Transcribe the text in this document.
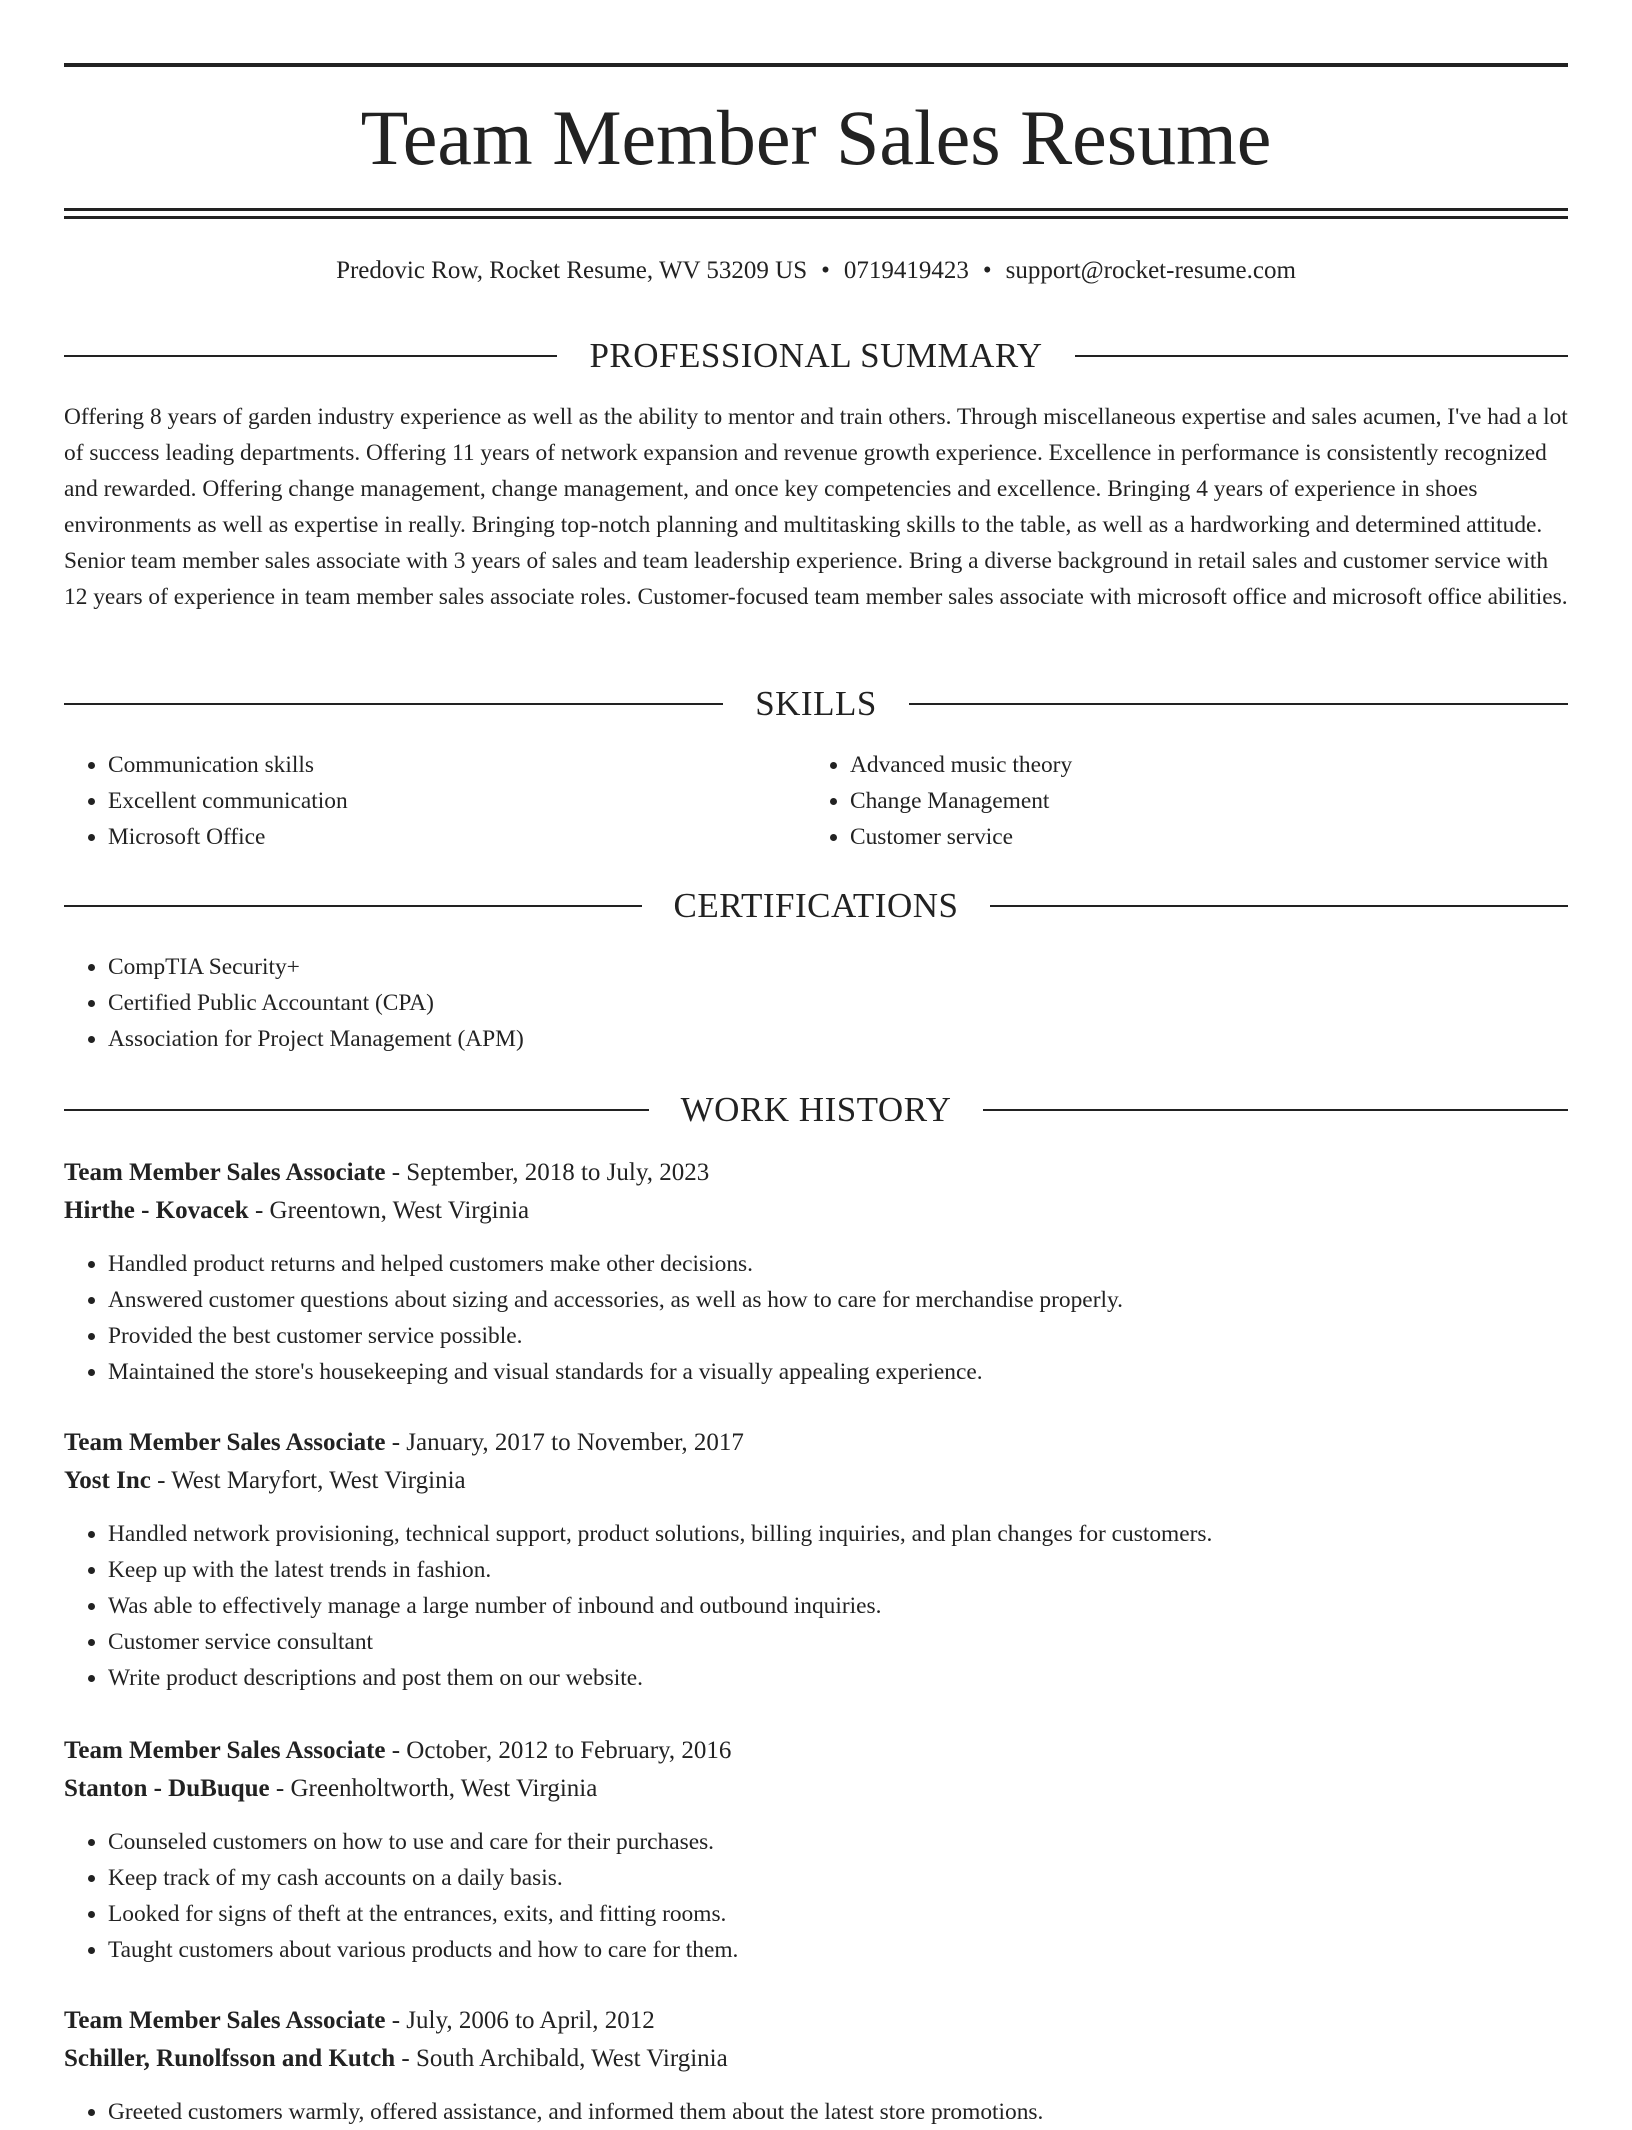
Team Member Sales Resume
Predovic Row, Rocket Resume, WV 53209 US • 0719419423 • support@rocket-resume.com
PROFESSIONAL SUMMARY

Offering 8 years of garden industry experience as well as the ability to mentor and train others. Through miscellaneous expertise and sales acumen, I've had a lot of success leading departments. Offering 11 years of network expansion and revenue growth experience. Excellence in performance is consistently recognized and rewarded. Offering change management, change management, and once key competencies and excellence. Bringing 4 years of experience in shoes environments as well as expertise in really. Bringing top-notch planning and multitasking skills to the table, as well as a hardworking and determined attitude. Senior team member sales associate with 3 years of sales and team leadership experience. Bring a diverse background in retail sales and customer service with 12 years of experience in team member sales associate roles. Customer-focused team member sales associate with microsoft office and microsoft office abilities.

SKILLS
• Communication skills
• Excellent communication
• Microsoft Office
• Advanced music theory
• Change Management
• Customer service
CERTIFICATIONS
• CompTIA Security+
• Certified Public Accountant (CPA)
• Association for Project Management (APM)
WORK HISTORY
Team Member Sales Associate - September, 2018 to July, 2023
Hirthe - Kovacek - Greentown, West Virginia
• Handled product returns and helped customers make other decisions.
• Answered customer questions about sizing and accessories, as well as how to care for merchandise properly.
• Provided the best customer service possible.
• Maintained the store's housekeeping and visual standards for a visually appealing experience.
Team Member Sales Associate - January, 2017 to November, 2017
Yost Inc - West Maryfort, West Virginia
• Handled network provisioning, technical support, product solutions, billing inquiries, and plan changes for customers.
• Keep up with the latest trends in fashion.
• Was able to effectively manage a large number of inbound and outbound inquiries.
• Customer service consultant
• Write product descriptions and post them on our website.
Team Member Sales Associate - October, 2012 to February, 2016
Stanton - DuBuque - Greenholtworth, West Virginia
• Counseled customers on how to use and care for their purchases.
• Keep track of my cash accounts on a daily basis.
• Looked for signs of theft at the entrances, exits, and fitting rooms.
• Taught customers about various products and how to care for them.
Team Member Sales Associate - July, 2006 to April, 2012
Schiller, Runolfsson and Kutch - South Archibald, West Virginia
• Greeted customers warmly, offered assistance, and informed them about the latest store promotions.
